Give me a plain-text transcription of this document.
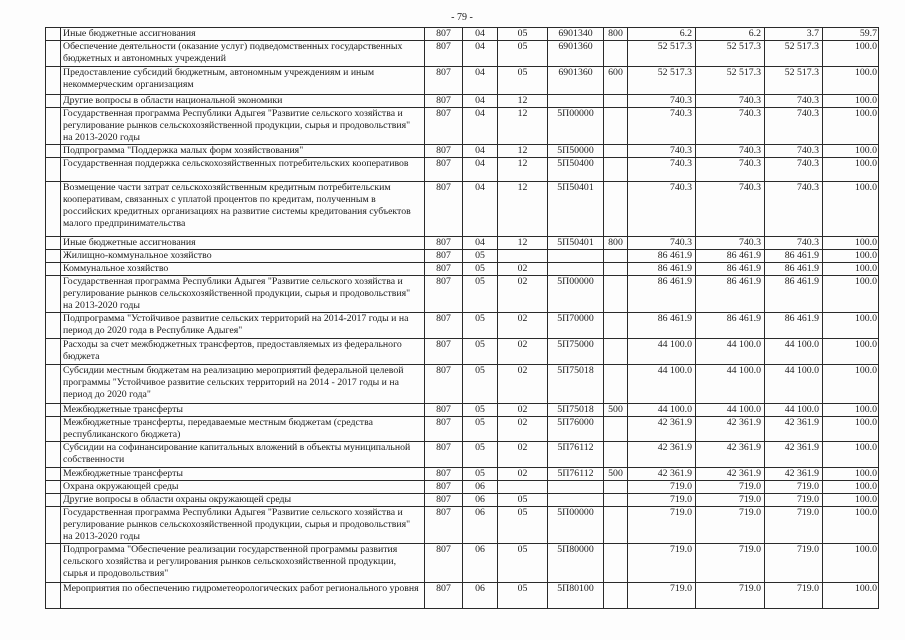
- 79 -
	Иные бюджетные ассигнования	807	04	05	6901340	800	6.2	6.2	3.7	59.7
	Обеспечение деятельности (оказание услуг) подведомственных государственных бюджетных и автономных учреждений	807	04	05	6901360		52 517.3	52 517.3	52 517.3	100.0
	Предоставление субсидий бюджетным, автономным учреждениям и иным некоммерческим организациям	807	04	05	6901360	600	52 517.3	52 517.3	52 517.3	100.0
	Другие вопросы в области национальной экономики	807	04	12			740.3	740.3	740.3	100.0
	Государственная программа Республики Адыгея "Развитие сельского хозяйства и регулирование рынков сельскохозяйственной продукции, сырья и продовольствия" на 2013-2020 годы	807	04	12	5П00000		740.3	740.3	740.3	100.0
	Подпрограмма "Поддержка малых форм хозяйствования"	807	04	12	5П50000		740.3	740.3	740.3	100.0
	Государственная поддержка сельскохозяйственных потребительских кооперативов	807	04	12	5П50400		740.3	740.3	740.3	100.0
	Возмещение части затрат сельскохозяйственным кредитным потребительским кооперативам, связанных с уплатой процентов по кредитам, полученным в российских кредитных организациях на развитие системы кредитования субъектов малого предпринимательства	807	04	12	5П50401		740.3	740.3	740.3	100.0
	Иные бюджетные ассигнования	807	04	12	5П50401	800	740.3	740.3	740.3	100.0
	Жилищно-коммунальное хозяйство	807	05				86 461.9	86 461.9	86 461.9	100.0
	Коммунальное хозяйство	807	05	02			86 461.9	86 461.9	86 461.9	100.0
	Государственная программа Республики Адыгея "Развитие сельского хозяйства и регулирование рынков сельскохозяйственной продукции, сырья и продовольствия" на 2013-2020 годы	807	05	02	5П00000		86 461.9	86 461.9	86 461.9	100.0
	Подпрограмма "Устойчивое развитие сельских территорий на 2014-2017 годы и на период до 2020 года в Республике Адыгея"	807	05	02	5П70000		86 461.9	86 461.9	86 461.9	100.0
	Расходы за счет межбюджетных трансфертов, предоставляемых из федерального бюджета	807	05	02	5П75000		44 100.0	44 100.0	44 100.0	100.0
	Субсидии местным бюджетам на реализацию мероприятий федеральной целевой программы "Устойчивое развитие сельских территорий на 2014 - 2017 годы и на период до 2020 года"	807	05	02	5П75018		44 100.0	44 100.0	44 100.0	100.0
	Межбюджетные трансферты	807	05	02	5П75018	500	44 100.0	44 100.0	44 100.0	100.0
	Межбюджетные трансферты, передаваемые местным бюджетам (средства республиканского бюджета)	807	05	02	5П76000		42 361.9	42 361.9	42 361.9	100.0
	Субсидии на софинансирование капитальных вложений в объекты муниципальной собственности	807	05	02	5П76112		42 361.9	42 361.9	42 361.9	100.0
	Межбюджетные трансферты	807	05	02	5П76112	500	42 361.9	42 361.9	42 361.9	100.0
	Охрана окружающей среды	807	06				719.0	719.0	719.0	100.0
	Другие вопросы в области охраны окружающей среды	807	06	05			719.0	719.0	719.0	100.0
	Государственная программа Республики Адыгея "Развитие сельского хозяйства и регулирование рынков сельскохозяйственной продукции, сырья и продовольствия" на 2013-2020 годы	807	06	05	5П00000		719.0	719.0	719.0	100.0
	Подпрограмма "Обеспечение реализации государственной программы развития сельского хозяйства и регулирования рынков сельскохозяйственной продукции, сырья и продовольствия"	807	06	05	5П80000		719.0	719.0	719.0	100.0
	Мероприятия по обеспечению гидрометеорологических работ регионального уровня	807	06	05	5П80100		719.0	719.0	719.0	100.0
